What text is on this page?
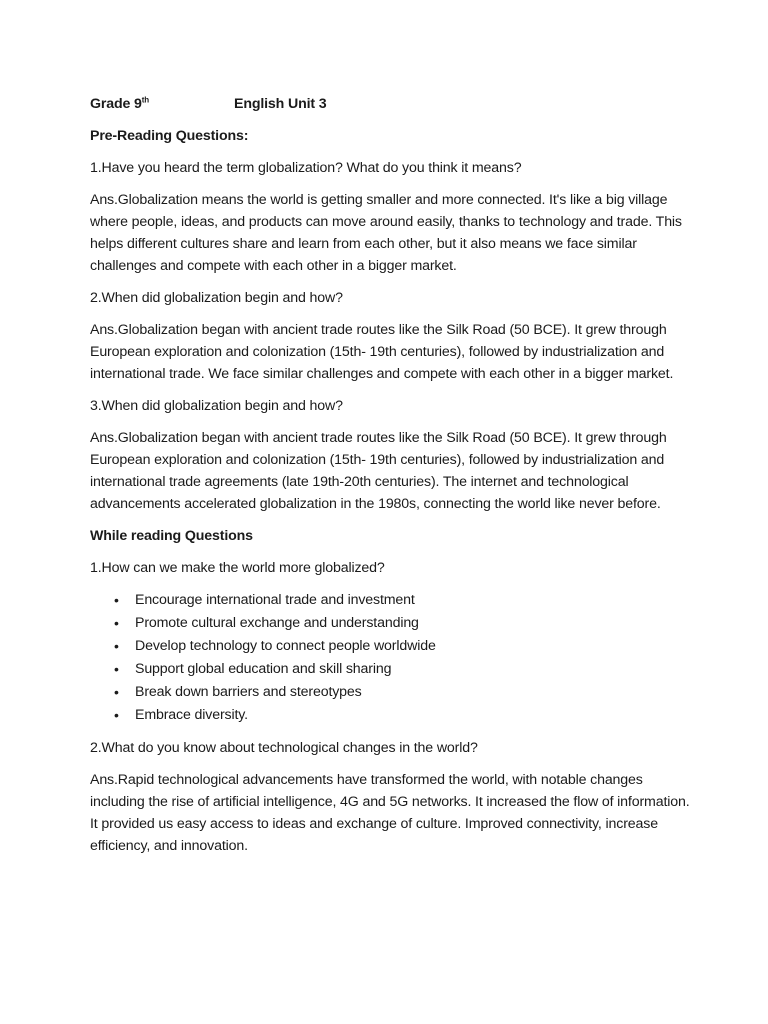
Grade 9th	English Unit 3

Pre-Reading Questions:

1.Have you heard the term globalization? What do you think it means?

Ans.Globalization means the world is getting smaller and more connected. It's like a big village where people, ideas, and products can move around easily, thanks to technology and trade. This helps different cultures share and learn from each other, but it also means we face similar challenges and compete with each other in a bigger market.

2.When did globalization begin and how?

Ans.Globalization began with ancient trade routes like the Silk Road (50 BCE). It grew through European exploration and colonization (15th- 19th centuries), followed by industrialization and international trade. We face similar challenges and compete with each other in a bigger market.

3.When did globalization begin and how?

Ans.Globalization began with ancient trade routes like the Silk Road (50 BCE). It grew through European exploration and colonization (15th- 19th centuries), followed by industrialization and international trade agreements (late 19th-20th centuries). The internet and technological advancements accelerated globalization in the 1980s, connecting the world like never before.

While reading Questions

1.How can we make the world more globalized?

• Encourage international trade and investment
• Promote cultural exchange and understanding
• Develop technology to connect people worldwide
• Support global education and skill sharing
• Break down barriers and stereotypes
• Embrace diversity.

2.What do you know about technological changes in the world?

Ans.Rapid technological advancements have transformed the world, with notable changes including the rise of artificial intelligence, 4G and 5G networks. It increased the flow of information. It provided us easy access to ideas and exchange of culture. Improved connectivity, increase efficiency, and innovation.
